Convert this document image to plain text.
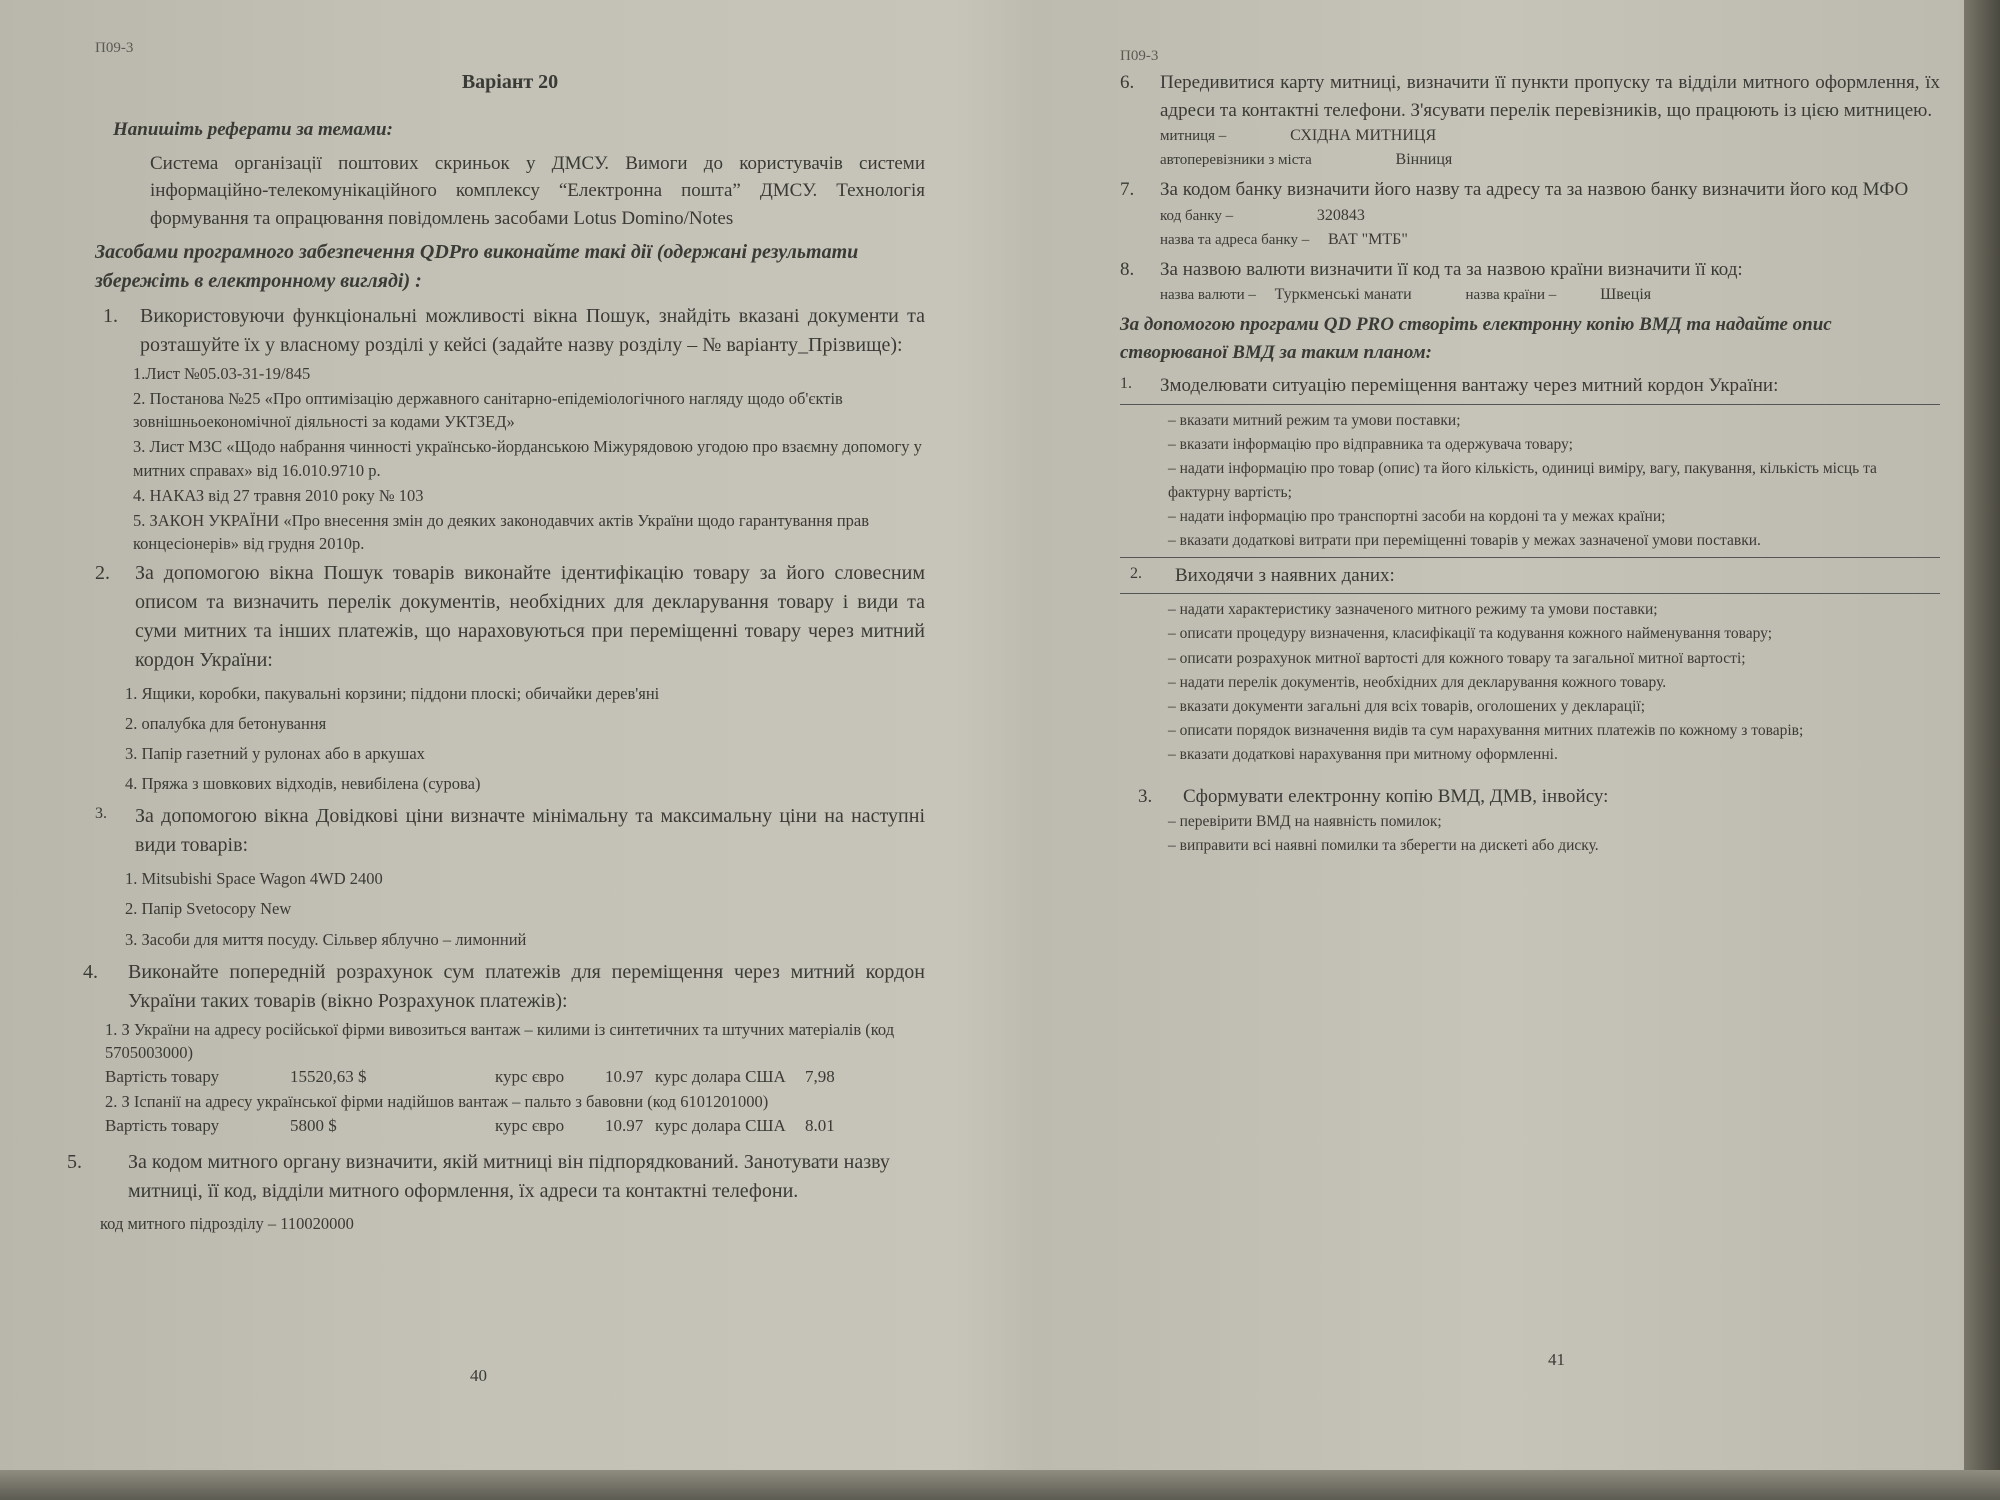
П09-3
Варіант 20
Напишіть реферати за темами:
Система організації поштових скриньок у ДМСУ. Вимоги до користувачів системи інформаційно-телекомунікаційного комплексу “Електронна пошта” ДМСУ. Технологія формування та опрацювання повідомлень засобами Lotus Domino/Notes
Засобами програмного забезпечення QDPro виконайте такі дії (одержані результати збережіть в електронному вигляді) :
1.	Використовуючи функціональні можливості вікна Пошук, знайдіть вказані документи та розташуйте їх у власному розділі у кейсі (задайте назву розділу – № варіанту_Прізвище):
1.Лист №05.03-31-19/845
2. Постанова №25 «Про оптимізацію державного санітарно-епідеміологічного нагляду щодо об'єктів зовнішньоекономічної діяльності за кодами УКТЗЕД»
3. Лист МЗС «Щодо набрання чинності українсько-йорданською Міжурядовою угодою про взаємну допомогу у митних справах» від 16.010.9710 р.
4. НАКАЗ від 27 травня 2010 року № 103
5. ЗАКОН УКРАЇНИ «Про внесення змін до деяких законодавчих актів України щодо гарантування прав концесіонерів» від грудня 2010р.
2.	За допомогою вікна Пошук товарів виконайте ідентифікацію товару за його словесним описом та визначить перелік документів, необхідних для декларування товару і види та суми митних та інших платежів, що нараховуються при переміщенні товару через митний кордон України:
1. Ящики, коробки, пакувальні корзини; піддони плоскі; обичайки дерев'яні
2. опалубка для бетонування
3. Папір газетний у рулонах або в аркушах
4. Пряжа з шовкових відходів, невибілена (сурова)
3.	За допомогою вікна Довідкові ціни визначте мінімальну та максимальну ціни на наступні види товарів:
1. Mitsubishi Space Wagon 4WD 2400
2. Папір Svetocopy New
3. Засоби для миття посуду. Сільвер яблучно – лимонний
4.	Виконайте попередній розрахунок сум платежів для переміщення через митний кордон України таких товарів (вікно Розрахунок платежів):
1. З України на адресу російської фірми вивозиться вантаж – килими із синтетичних та штучних матеріалів (код 5705003000)
Вартість товару	15520,63 $	курс євро	10.97 курс долара США	7,98
2. З Іспанії на адресу української фірми надійшов вантаж – пальто з бавовни (код 6101201000)
Вартість товару	5800 $	курс євро	10.97 курс долара США	8.01
5.	За кодом митного органу визначити, якій митниці він підпорядкований. Занотувати назву митниці, її код, відділи митного оформлення, їх адреси та контактні телефони.
код митного підрозділу – 110020000
40
П09-3
6.	Передивитися карту митниці, визначити її пункти пропуску та відділи митного оформлення, їх адреси та контактні телефони. З'ясувати перелік перевізників, що працюють із цією митницею.
митниця –	СХІДНА МИТНИЦЯ
автоперевізники з міста	Вінниця
7.	За кодом банку визначити його назву та адресу та за назвою банку визначити його код МФО
код банку –	320843
назва та адреса банку – ВАТ "МТБ"
8.	За назвою валюти визначити її код та за назвою країни визначити її код:
назва валюти – Туркменські манати	назва країни –	Швеція
За допомогою програми QD PRO створіть електронну копію ВМД та надайте опис створюваної ВМД за таким планом:
1.	Змоделювати ситуацію переміщення вантажу через митний кордон України:
– вказати митний режим та умови поставки;
– вказати інформацію про відправника та одержувача товару;
– надати інформацію про товар (опис) та його кількість, одиниці виміру, вагу, пакування, кількість місць та фактурну вартість;
– надати інформацію про транспортні засоби на кордоні та у межах країни;
– вказати додаткові витрати при переміщенні товарів у межах зазначеної умови поставки.
2.	Виходячи з наявних даних:
– надати характеристику зазначеного митного режиму та умови поставки;
– описати процедуру визначення, класифікації та кодування кожного найменування товару;
– описати розрахунок митної вартості для кожного товару та загальної митної вартості;
– надати перелік документів, необхідних для декларування кожного товару.
– вказати документи загальні для всіх товарів, оголошених у декларації;
– описати порядок визначення видів та сум нарахування митних платежів по кожному з товарів;
– вказати додаткові нарахування при митному оформленні.
3.	Сформувати електронну копію ВМД, ДМВ, інвойсу:
– перевірити ВМД на наявність помилок;
– виправити всі наявні помилки та зберегти на дискеті або диску.
41
